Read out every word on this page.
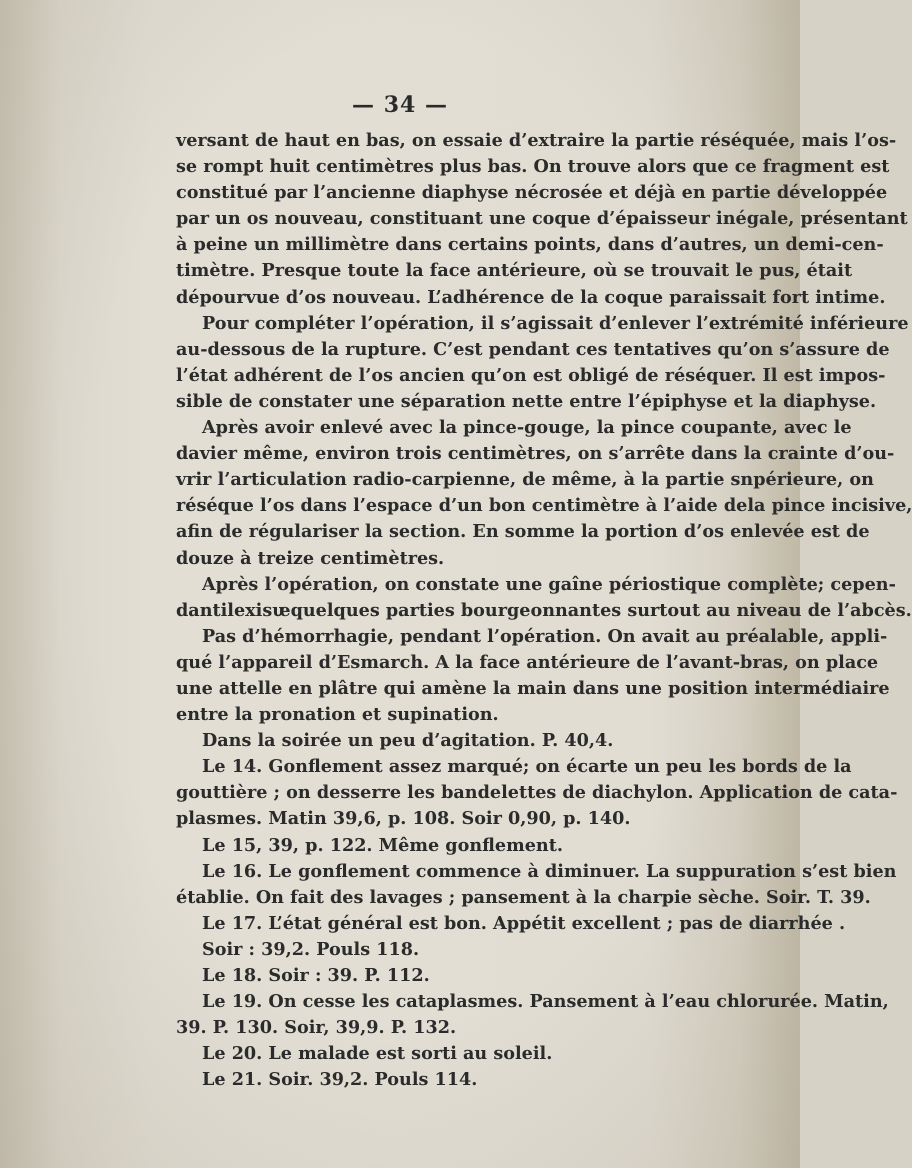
— 34 —
versant de haut en bas, on essaie d’extraire la partie réséquée, mais l’os-
se rompt huit centimètres plus bas. On trouve alors que ce fragment est
constitué par l’ancienne diaphyse nécrosée et déjà en partie développée
par un os nouveau, constituant une coque d’épaisseur inégale, présentant
à peine un millimètre dans certains points, dans d’autres, un demi-cen-
timètre. Presque toute la face antérieure, où se trouvait le pus, était
dépourvue d’os nouveau. L’adhérence de la coque paraissait fort intime.
Pour compléter l’opération, il s’agissait d’enlever l’extrémité inférieure
au-dessous de la rupture. C’est pendant ces tentatives qu’on s’assure de
l’état adhérent de l’os ancien qu’on est obligé de réséquer. Il est impos-
sible de constater une séparation nette entre l’épiphyse et la diaphyse.
Après avoir enlevé avec la pince-gouge, la pince coupante, avec le
davier même, environ trois centimètres, on s’arrête dans la crainte d’ou-
vrir l’articulation radio-carpienne, de même, à la partie snpérieure, on
réséque l’os dans l’espace d’un bon centimètre à l’aide dela pince incisive,
afin de régulariser la section. En somme la portion d’os enlevée est de
douze à treize centimètres.
Après l’opération, on constate une gaîne périostique complète; cepen-
dantilexisᵫquelques parties bourgeonnantes surtout au niveau de l’abcès.
Pas d’hémorrhagie, pendant l’opération. On avait au préalable, appli-
qué l’appareil d’Esmarch. A la face antérieure de l’avant-bras, on place
une attelle en plâtre qui amène la main dans une position intermédiaire
entre la pronation et supination.
Dans la soirée un peu d’agitation. P. 40,4.
Le 14. Gonflement assez marqué; on écarte un peu les bords de la
gouttière ; on desserre les bandelettes de diachylon. Application de cata-
plasmes. Matin 39,6, p. 108. Soir 0,90, p. 140.
Le 15, 39, p. 122. Même gonflement.
Le 16. Le gonflement commence à diminuer. La suppuration s’est bien
établie. On fait des lavages ; pansement à la charpie sèche. Soir. T. 39.
Le 17. L’état général est bon. Appétit excellent ; pas de diarrhée .
Soir : 39,2. Pouls 118.
Le 18. Soir : 39. P. 112.
Le 19. On cesse les cataplasmes. Pansement à l’eau chlorurée. Matin,
39. P. 130. Soir, 39,9. P. 132.
Le 20. Le malade est sorti au soleil.
Le 21. Soir. 39,2. Pouls 114.
